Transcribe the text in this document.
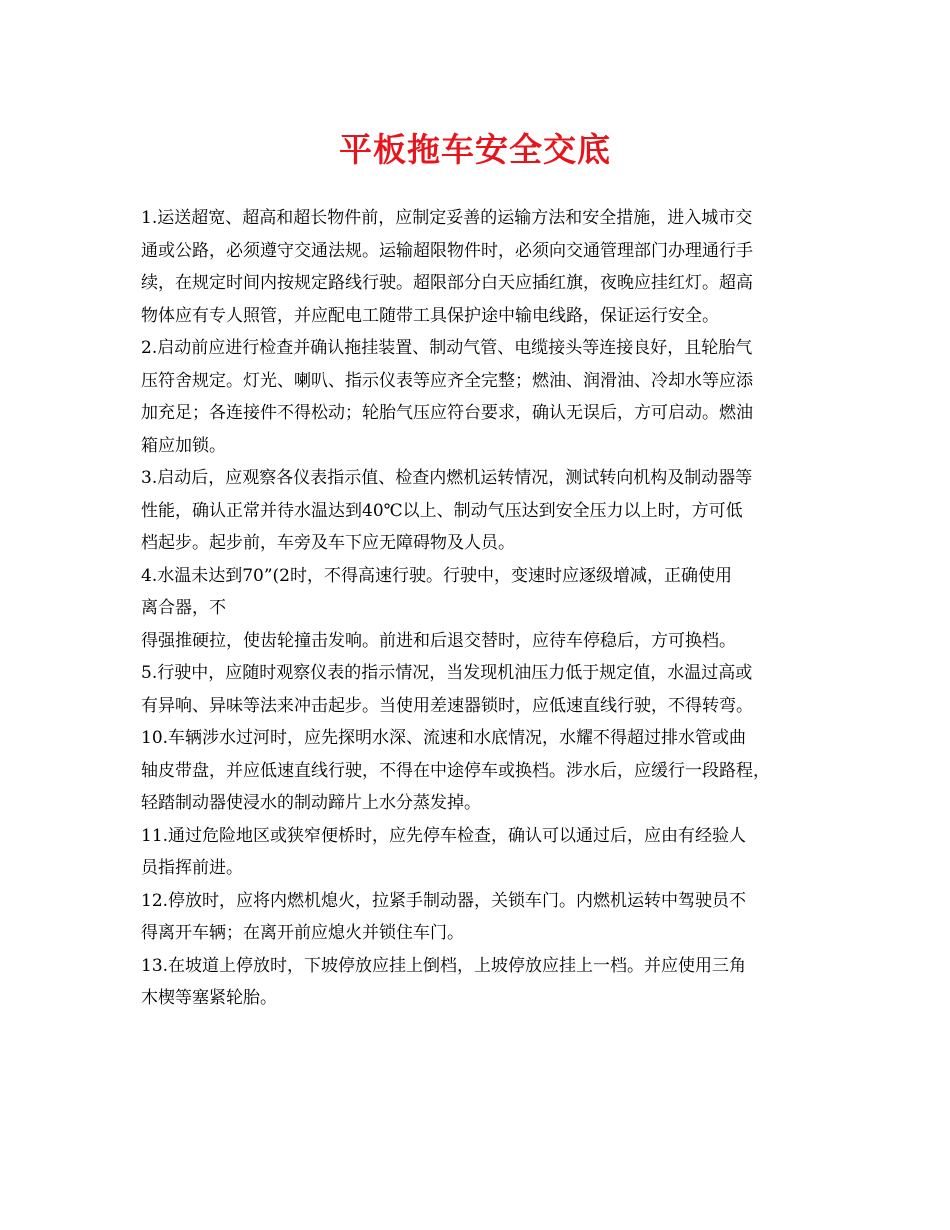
平板拖车安全交底

1.运送超宽、超高和超长物件前，应制定妥善的运输方法和安全措施，进入城市交
通或公路，必须遵守交通法规。运输超限物件时，必须向交通管理部门办理通行手
续，在规定时间内按规定路线行驶。超限部分白天应插红旗，夜晚应挂红灯。超高
物体应有专人照管，并应配电工随带工具保护途中输电线路，保证运行安全。

2.启动前应进行检查并确认拖挂装置、制动气管、电缆接头等连接良好，且轮胎气
压符舍规定。灯光、喇叭、指示仪表等应齐全完整；燃油、润滑油、冷却水等应添
加充足；各连接件不得松动；轮胎气压应符台要求，确认无误后，方可启动。燃油
箱应加锁。

3.启动后，应观察各仪表指示值、检查内燃机运转情况，测试转向机构及制动器等
性能，确认正常并待水温达到40℃以上、制动气压达到安全压力以上时，方可低
档起步。起步前，车旁及车下应无障碍物及人员。

4.水温未达到70”(2时，不得高速行驶。行驶中，变速时应逐级增减，正确使用
离合器，不

得强推硬拉，使齿轮撞击发响。前进和后退交替时，应待车停稳后，方可换档。

5.行驶中，应随时观察仪表的指示情况，当发现机油压力低于规定值，水温过高或
有异响、异味等法来冲击起步。当使用差速器锁时，应低速直线行驶，不得转弯。

10.车辆涉水过河时，应先探明水深、流速和水底情况，水耀不得超过排水管或曲
轴皮带盘，并应低速直线行驶，不得在中途停车或换档。涉水后，应缓行一段路程，
轻踏制动器使浸水的制动蹄片上水分蒸发掉。

11.通过危险地区或狭窄便桥时，应先停车检查，确认可以通过后，应由有经验人
员指挥前进。

12.停放时，应将内燃机熄火，拉紧手制动器，关锁车门。内燃机运转中驾驶员不
得离开车辆；在离开前应熄火并锁住车门。

13.在坡道上停放时，下坡停放应挂上倒档，上坡停放应挂上一档。并应使用三角
木楔等塞紧轮胎。
